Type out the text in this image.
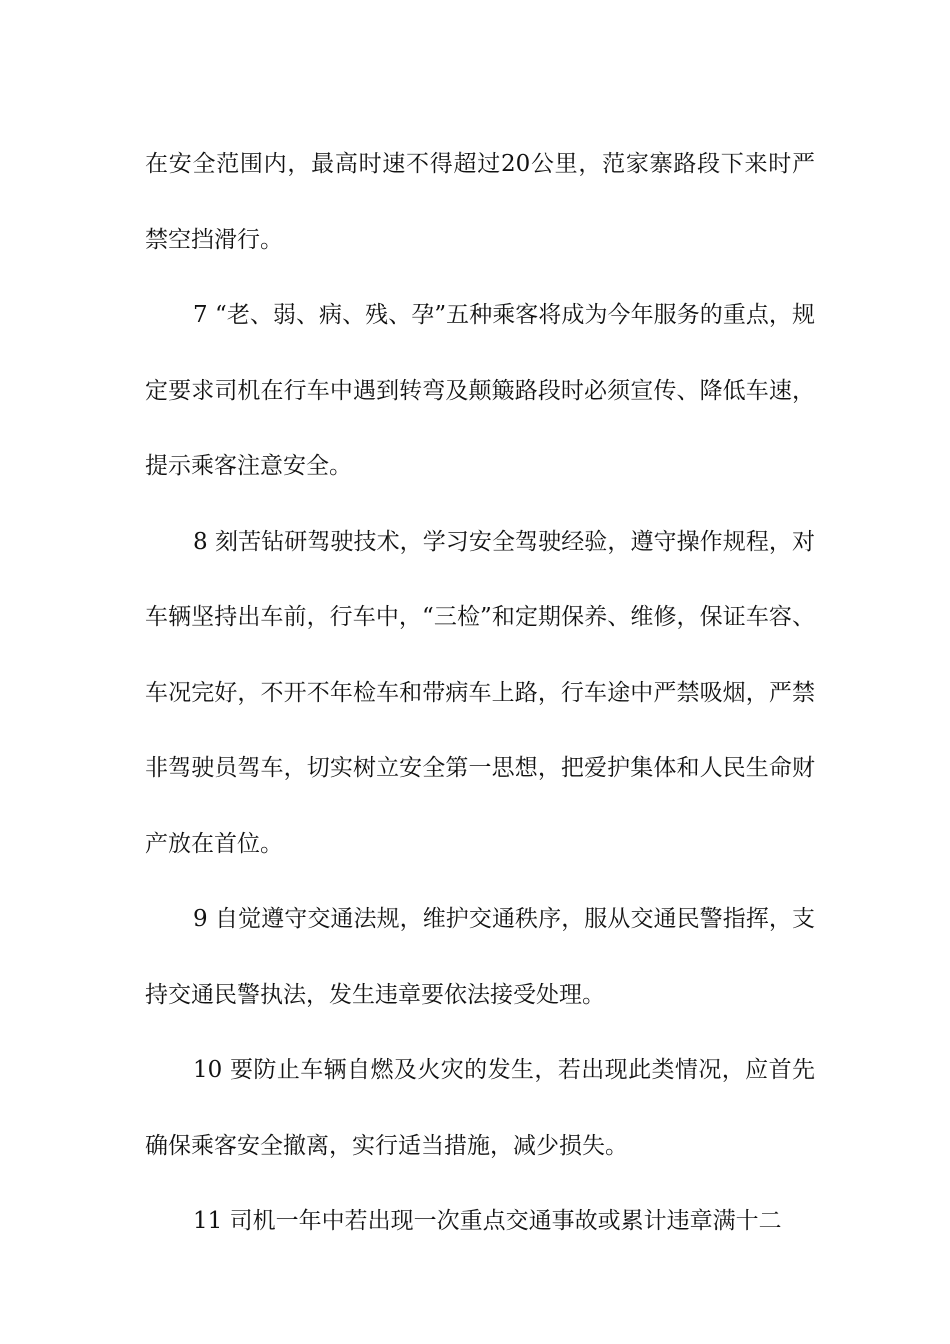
在安全范围内，最高时速不得超过20公里，范家寨路段下来时严禁空挡滑行。

7 “老、弱、病、残、孕”五种乘客将成为今年服务的重点，规定要求司机在行车中遇到转弯及颠簸路段时必须宣传、降低车速，提示乘客注意安全。

8 刻苦钻研驾驶技术，学习安全驾驶经验，遵守操作规程，对车辆坚持出车前，行车中，“三检”和定期保养、维修，保证车容、车况完好，不开不年检车和带病车上路，行车途中严禁吸烟，严禁非驾驶员驾车，切实树立安全第一思想，把爱护集体和人民生命财产放在首位。

9 自觉遵守交通法规，维护交通秩序，服从交通民警指挥，支持交通民警执法，发生违章要依法接受处理。

10 要防止车辆自燃及火灾的发生，若出现此类情况，应首先确保乘客安全撤离，实行适当措施，减少损失。

11 司机一年中若出现一次重点交通事故或累计违章满十二
